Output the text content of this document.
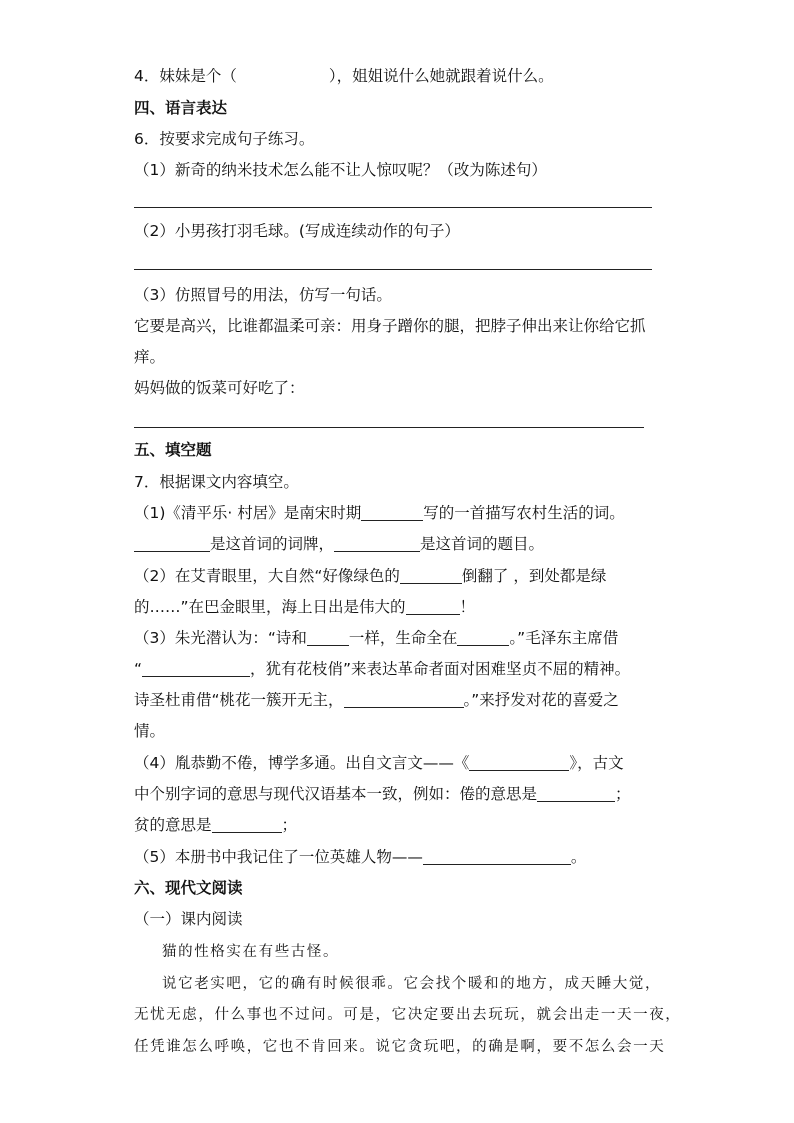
4．妹妹是个（	），姐姐说什么她就跟着说什么。
四、语言表达
6．按要求完成句子练习。
（1）新奇的纳米技术怎么能不让人惊叹呢？（改为陈述句）
（2）小男孩打羽毛球。(写成连续动作的句子）
（3）仿照冒号的用法，仿写一句话。
它要是高兴，比谁都温柔可亲：用身子蹭你的腿，把脖子伸出来让你给它抓
痒。
妈妈做的饭菜可好吃了：
五、填空题
7．根据课文内容填空。
（1)《清平乐· 村居》是南宋时期	写的一首描写农村生活的词。
是这首词的词牌，	是这首词的题目。
（2）在艾青眼里，大自然“好像绿色的	倒翻了 ，到处都是绿
的……”在巴金眼里，海上日出是伟大的	！
（3）朱光潜认为：“诗和	一样，生命全在	。”毛泽东主席借
“	，犹有花枝俏”来表达革命者面对困难坚贞不屈的精神。
诗圣杜甫借“桃花一簇开无主，	。”来抒发对花的喜爱之
情。
（4）胤恭勤不倦，博学多通。出自文言文——《	》，古文
中个别字词的意思与现代汉语基本一致，例如：倦的意思是	；
贫的意思是	；
（5）本册书中我记住了一位英雄人物——	。
六、现代文阅读
（一）课内阅读
猫的性格实在有些古怪。
说它老实吧，它的确有时候很乖。它会找个暖和的地方，成天睡大觉，
无忧无虑，什么事也不过问。可是，它决定要出去玩玩，就会出走一天一夜，
任凭谁怎么呼唤，它也不肯回来。说它贪玩吧，的确是啊，要不怎么会一天
